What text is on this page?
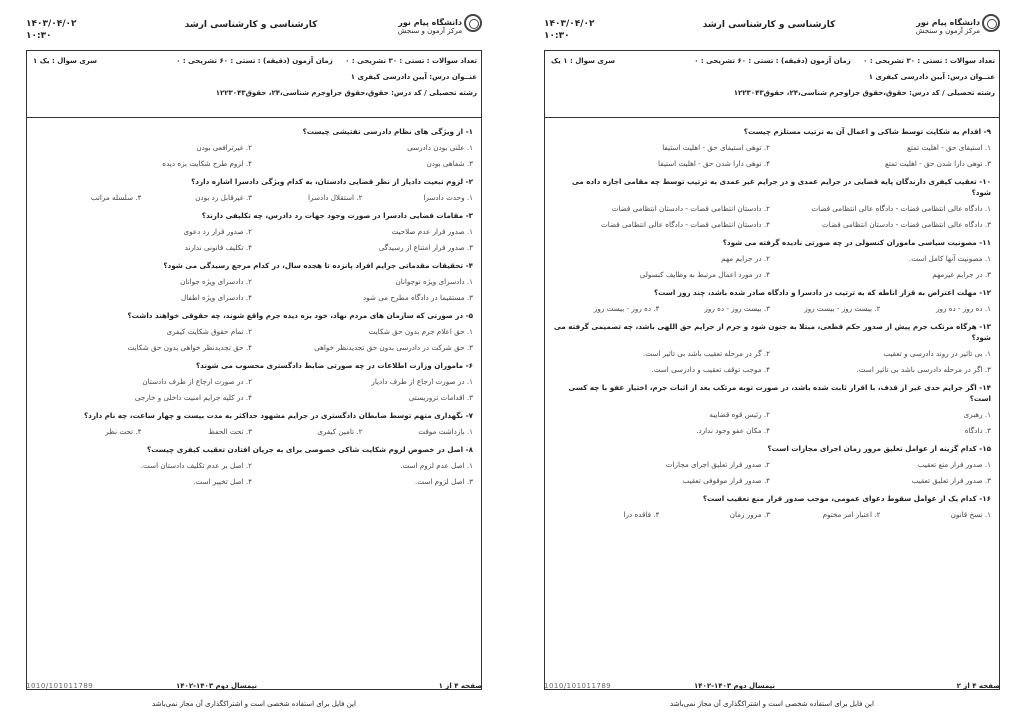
۱۴۰۳/۰۴/۰۲
۱۰:۳۰
کارشناسی و کارشناسی ارشد	دانشگاه پیام نور
مرکز آزمون و سنجش
تعداد سوالات : تستی : ۳۰ تشریحی : ۰ زمان آزمون (دقیقه) : تستی : ۶۰ تشریحی : ۰
سری سوال : یک ۱
عنــوان درس: آیین دادرسی کیفری ۱
رشته تحصیلی / کد درس: حقوق،حقوق جزاوجرم شناسی،۲۴، حقوق۱۲۲۳۰۴۳
۱- از ویژگی های نظام دادرسی تفتیشی چیست؟
۱. علنی بودن دادرسی
۲. غیرترافعی بودن
۳. شفاهی بودن
۴. لزوم طرح شکایت بزه دیده
۲- لزوم تبعیت دادیار از نظر قضایی دادستان، به کدام ویژگی دادسرا اشاره دارد؟
۱. وحدت دادسرا
۲. استقلال دادسرا
۳. غیرقابل رد بودن
۴. سلسله مراتب
۳- مقامات قضایی دادسرا در صورت وجود جهات رد دادرس، چه تکلیفی دارند؟
۱. صدور قرار عدم صلاحیت
۲. صدور قرار رد دعوی
۳. صدور قرار امتناع از رسیدگی
۴. تکلیف قانونی ندارند
۴- تحقیقات مقدماتی جرایم افراد پانزده تا هجده سال، در کدام مرجع رسیدگی می شود؟
۱. دادسرای ویژه نوجوانان
۲. دادسرای ویژه جوانان
۳. مستقیما در دادگاه مطرح می شود
۴. دادسرای ویژه اطفال
۵- در صورتی که سازمان های مردم نهاد، خود بزه دیده جرم واقع شوند، چه حقوقی خواهند داشت؟
۱. حق اعلام جرم بدون حق شکایت
۲. تمام حقوق شکایت کیفری
۳. حق شرکت در دادرسی بدون حق تجدیدنظر خواهی
۴. حق تجدیدنظر خواهی بدون حق شکایت
۶- ماموران وزارت اطلاعات در چه صورتی ضابط دادگستری محسوب می شوند؟
۱. در صورت ارجاع از طرف دادیار
۲. در صورت ارجاع از طرف دادستان
۳. اقدامات تروریستی
۴. در کلیه جرایم امنیت داخلی و خارجی
۷- نگهداری متهم توسط ضابطان دادگستری در جرایم مشهود حداکثر به مدت بیست و چهار ساعت، چه نام دارد؟
۱. بازداشت موقت
۲. تامین کیفری
۳. تحت الحفظ
۴. تحت نظر
۸- اصل در خصوص لزوم شکایت شاکی خصوصی برای به جریان افتادن تعقیب کیفری چیست؟
۱. اصل عدم لزوم است.
۲. اصل بر عدم تکلیف دادستان است.
۳. اصل لزوم است.
۴. اصل تخییر است.
صفحه ۴ از ۱
نیمسال دوم ۱۴۰۳-۱۴۰۲
1010/101011789
این فایل برای استفاده شخصی است و اشتراکگذاری آن مجاز نمی‌باشد
۱۴۰۳/۰۴/۰۲
۱۰:۳۰
کارشناسی و کارشناسی ارشد	دانشگاه پیام نور
مرکز آزمون و سنجش
تعداد سوالات : تستی : ۳۰ تشریحی : ۰ زمان آزمون (دقیقه) : تستی : ۶۰ تشریحی : ۰
سری سوال : ۱ یک
عنــوان درس: آیین دادرسی کیفری ۱
رشته تحصیلی / کد درس: حقوق،حقوق جزاوجرم شناسی،۲۴، حقوق۱۲۲۳۰۴۳
۹- اقدام به شکایت توسط شاکی و اعمال آن به ترتیب مستلزم چیست؟
۱. استیفای حق - اهلیت تمتع
۲. توهی استیفای حق - اهلیت استیفا
۳. توهی دارا شدن حق - اهلیت تمتع
۴. توهی دارا شدن حق - اهلیت استیفا
۱۰- تعقیب کیفری دارندگان پایه قضایی در جرایم عمدی و در جرایم غیر عمدی به ترتیب توسط چه مقامی اجازه داده می شود؟
۱. دادگاه عالی انتظامی قضات - دادگاه عالی انتظامی قضات
۲. دادستان انتظامی قضات - دادستان انتظامی قضات
۳. دادگاه عالی انتظامی قضات - دادستان انتظامی قضات
۴. دادستان انتظامی قضات - دادگاه عالی انتظامی قضات
۱۱- مصونیت سیاسی ماموران کنسولی در چه صورتی نادیده گرفته می شود؟
۱. مصونیت آنها کامل است.
۲. در جرایم مهم
۳. در جرایم غیرمهم
۴. در مورد اعمال مرتبط به وظایف کنسولی
۱۲- مهلت اعتراض به قرار اناطه که به ترتیب در دادسرا و دادگاه صادر شده باشد، چند روز است؟
۱. ده روز - ده روز
۲. بیست روز - بیست روز
۳. بیست روز - ده روز
۴. ده روز - بیست روز
۱۳- هرگاه مرتکب جرم پیش از صدور حکم قطعی، مبتلا به جنون شود و جرم از جرایم حق اللهی باشد، چه تصمیمی گرفته می شود؟
۱. بی تاثیر در روند دادرسی و تعقیب
۲. گر در مرحله تعقیب باشد بی تاثیر است.
۳. اگر در مرحله دادرسی باشد بی تاثیر است.
۴. موجب توقف تعقیب و دادرسی است.
۱۴- اگر جرایم حدی غیر از قذف، با اقرار ثابت شده باشد، در صورت توبه مرتکب بعد از اثبات جرم، اختیار عفو با چه کسی است؟
۱. رهبری
۲. رئیس قوه قضاییه
۳. دادگاه
۴. مکان عفو وجود ندارد.
۱۵- کدام گزینه از عوامل تعلیق مرور زمان اجرای مجازات است؟
۱. صدور قرار منع تعقیب
۲. صدور قرار تعلیق اجرای مجازات
۳. صدور قرار تعلیق تعقیب
۴. صدور قرار موقوفی تعقیب
۱۶- کدام یک از عوامل سقوط دعوای عمومی، موجب صدور قرار منع تعقیب است؟
۱. نسخ قانون
۲. اعتبار امر مختوم
۳. مرور زمان
۴. فاقده درا
صفحه ۴ از ۲
نیمسال دوم ۱۴۰۳-۱۴۰۲
1010/101011789
این فایل برای استفاده شخصی است و اشتراکگذاری آن مجاز نمی‌باشد
